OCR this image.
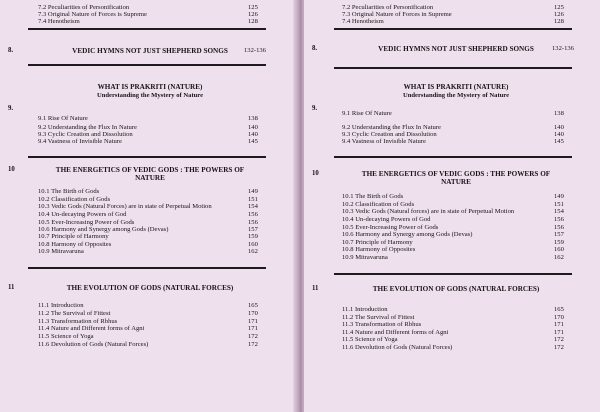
7.2 Peculiarities of Personification	125
7.3 Original Nature of Forces is Supreme	126
7.4 Henotheism	128
8.	VEDIC HYMNS NOT JUST SHEPHERD SONGS	132-136
9.
WHAT IS PRAKRITI (NATURE)
Understanding the Mystery of Nature
9.1 Rise Of Nature	138
9.2 Understanding the Flux In Nature	140
9.3 Cyclic Creation and Dissolution	140
9.4 Vastness of Invisible Nature	145
10	THE ENERGETICS OF VEDIC GODS : THE POWERS OF
NATURE
10.1 The Birth of Gods	149
10.2 Classification of Gods	151
10.3 Vedic Gods (Natural Forces) are in state of Perpetual Motion	154
10.4 Un-decaying Powers of God	156
10.5 Ever-Increasing Power of Gods	156
10.6 Harmony and Synergy among Gods (Devas)	157
10.7 Principle of Harmony	159
10.8 Harmony of Opposites	160
10.9 Mitravaruna	162
11	THE EVOLUTION OF GODS (NATURAL FORCES)
11.1 Introduction	165
11.2 The Survival of Fittest	170
11.3 Transformation of Rbhus	171
11.4 Nature and Different forms of Agni	171
11.5 Science of Yoga	172
11.6 Devolution of Gods (Natural Forces)	172
7.2 Peculiarities of Personification	125
7.3 Original Nature of Forces in Supreme	126
7.4 Henotheism	128
8.	VEDIC HYMNS NOT JUST SHEPHERD SONGS	132-136
9.
WHAT IS PRAKRITI (NATURE)
Understanding the Mystery of Nature
9.1 Rise Of Nature	138
9.2 Understanding the Flux In Nature	140
9.3 Cyclic Creation and Dissolution	140
9.4 Vastness of Invisible Nature	145
10	THE ENERGETICS OF VEDIC GODS : THE POWERS OF
NATURE
10.1 The Birth of Gods	149
10.2 Classification of Gods	151
10.3 Vedic Gods (Natural forces) are in state of Perpetual Motion	154
10.4 Un-decaying Powers of God	156
10.5 Ever-Increasing Power of Gods	156
10.6 Harmony and Synergy among Gods (Devas)	157
10.7 Principle of Harmony	159
10.8 Harmony of Opposites	160
10.9 Mitravaruna	162
11	THE EVOLUTION OF GODS (NATURAL FORCES)
11.1 Introduction	165
11.2 The Survival of Fittest	170
11.3 Transformation of Rbhus	171
11.4 Nature and Different forms of Agni	171
11.5 Science of Yoga	172
11.6 Devolution of Gods (Natural Forces)	172
